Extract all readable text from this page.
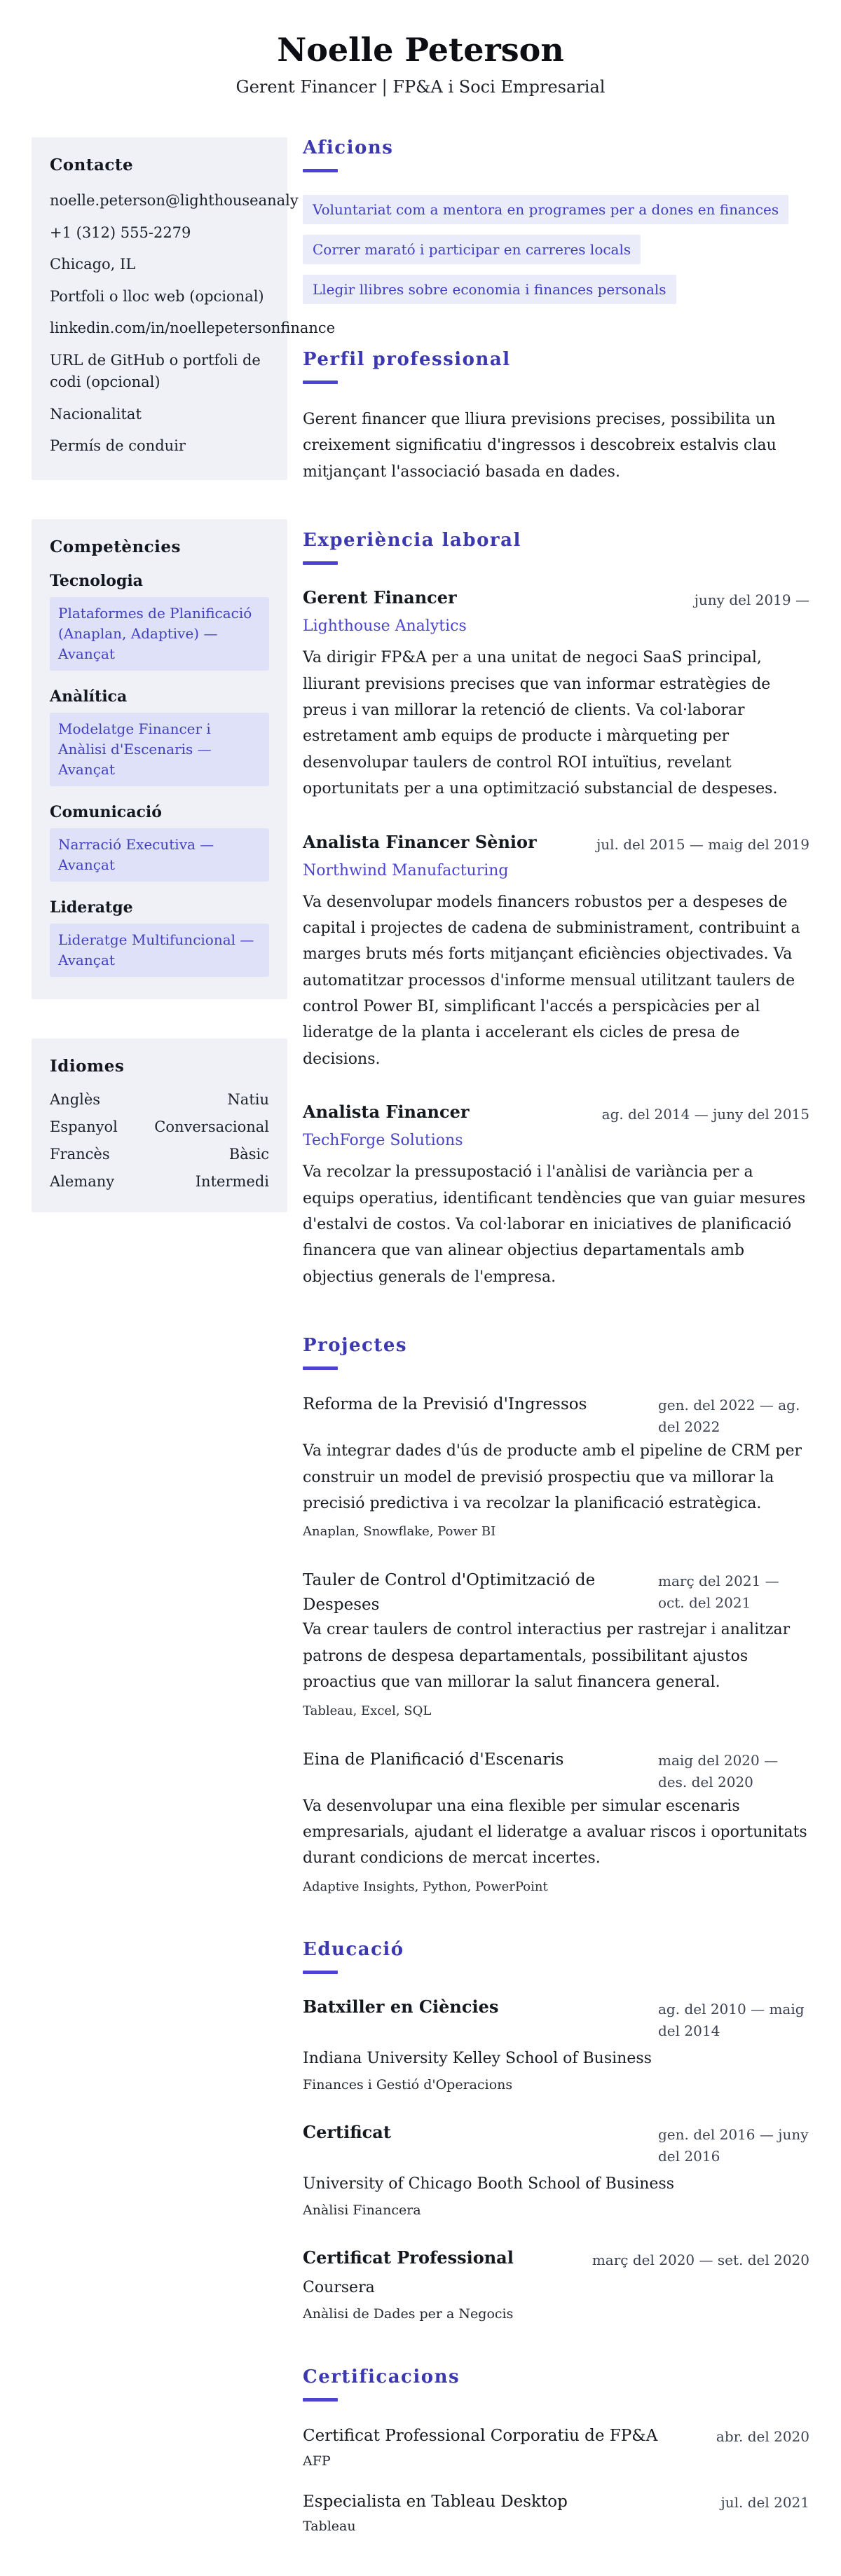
Noelle Peterson
Gerent Financer | FP&A i Soci Empresarial
Contacte
noelle.peterson@lighthouseanaly
+1 (312) 555-2279
Chicago, IL
Portfoli o lloc web (opcional)
linkedin.com/in/noellepetersonfinance
URL de GitHub o portfoli de codi (opcional)
Nacionalitat
Permís de conduir
Competències
Tecnologia
Plataformes de Planificació (Anaplan, Adaptive) — Avançat
Anàlítica
Modelatge Financer i Anàlisi d'Escenaris — Avançat
Comunicació
Narració Executiva — Avançat
Lideratge
Lideratge Multifuncional — Avançat
Idiomes
Anglès	Natiu
Espanyol Conversacional
Francès	Bàsic
Alemany	Intermedi
Aficions
Voluntariat com a mentora en programes per a dones en finances
Correr marató i participar en carreres locals
Llegir llibres sobre economia i finances personals
Perfil professional

Gerent financer que lliura previsions precises, possibilita un creixement significatiu d'ingressos i descobreix estalvis clau mitjançant l'associació basada en dades.

Experiència laboral
Gerent Financer	juny del 2019 —
Lighthouse Analytics

Va dirigir FP&A per a una unitat de negoci SaaS principal, lliurant previsions precises que van informar estratègies de preus i van millorar la retenció de clients. Va col·laborar estretament amb equips de producte i màrqueting per desenvolupar taulers de control ROI intuïtius, revelant oportunitats per a una optimització substancial de despeses.

Analista Financer Sènior	jul. del 2015 — maig del 2019
Northwind Manufacturing

Va desenvolupar models financers robustos per a despeses de capital i projectes de cadena de subministrament, contribuint a marges bruts més forts mitjançant eficiències objectivades. Va automatitzar processos d'informe mensual utilitzant taulers de control Power BI, simplificant l'accés a perspicàcies per al lideratge de la planta i accelerant els cicles de presa de decisions.

Analista Financer	ag. del 2014 — juny del 2015
TechForge Solutions

Va recolzar la pressupostació i l'anàlisi de variància per a equips operatius, identificant tendències que van guiar mesures d'estalvi de costos. Va col·laborar en iniciatives de planificació financera que van alinear objectius departamentals amb objectius generals de l'empresa.

Projectes
Reforma de la Previsió d'Ingressos	gen. del 2022 — ag. del 2022

Va integrar dades d'ús de producte amb el pipeline de CRM per construir un model de previsió prospectiu que va millorar la precisió predictiva i va recolzar la planificació estratègica.

Anaplan, Snowflake, Power BI
Tauler de Control d'Optimització de Despeses
març del 2021 — oct. del 2021

Va crear taulers de control interactius per rastrejar i analitzar patrons de despesa departamentals, possibilitant ajustos proactius que van millorar la salut financera general.

Tableau, Excel, SQL
Eina de Planificació d'Escenaris	maig del 2020 — des. del 2020

Va desenvolupar una eina flexible per simular escenaris empresarials, ajudant el lideratge a avaluar riscos i oportunitats durant condicions de mercat incertes.

Adaptive Insights, Python, PowerPoint
Educació
Batxiller en Ciències	ag. del 2010 — maig del 2014
Indiana University Kelley School of Business
Finances i Gestió d'Operacions
Certificat	gen. del 2016 — juny del 2016
University of Chicago Booth School of Business
Anàlisi Financera
Certificat Professional	març del 2020 — set. del 2020
Coursera
Anàlisi de Dades per a Negocis
Certificacions
Certificat Professional Corporatiu de FP&A	abr. del 2020
AFP
Especialista en Tableau Desktop	jul. del 2021
Tableau
